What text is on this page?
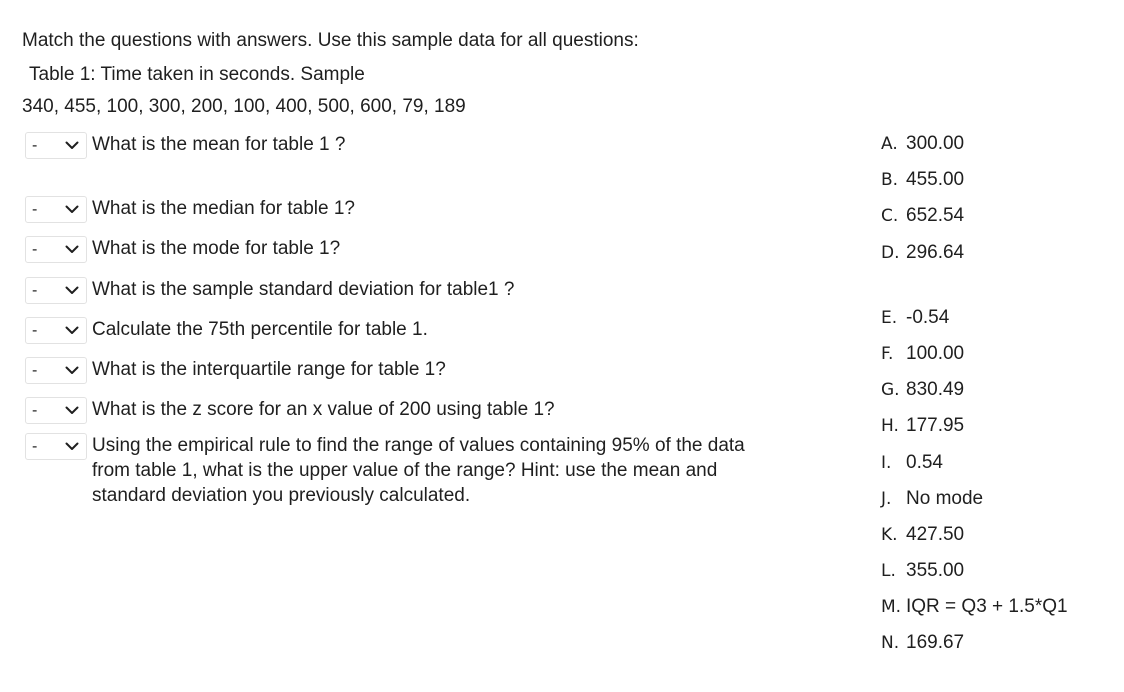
Match the questions with answers. Use this sample data for all questions:
Table 1: Time taken in seconds. Sample
340, 455, 100, 300, 200, 100, 400, 500, 600, 79, 189
-	What is the mean for table 1 ?
-	What is the median for table 1?
-	What is the mode for table 1?
-	What is the sample standard deviation for table1 ?
-	Calculate the 75th percentile for table 1.
-	What is the interquartile range for table 1?
-	What is the z score for an x value of 200 using table 1?
-	Using the empirical rule to find the range of values containing 95% of the data
from table 1, what is the upper value of the range? Hint: use the mean and
standard deviation you previously calculated.
A. 300.00
B. 455.00
C. 652.54
D. 296.64
E. -0.54
F. 100.00
G. 830.49
H. 177.95
I. 0.54
J. No mode
K. 427.50
L. 355.00
M. IQR = Q3 + 1.5*Q1
N. 169.67
